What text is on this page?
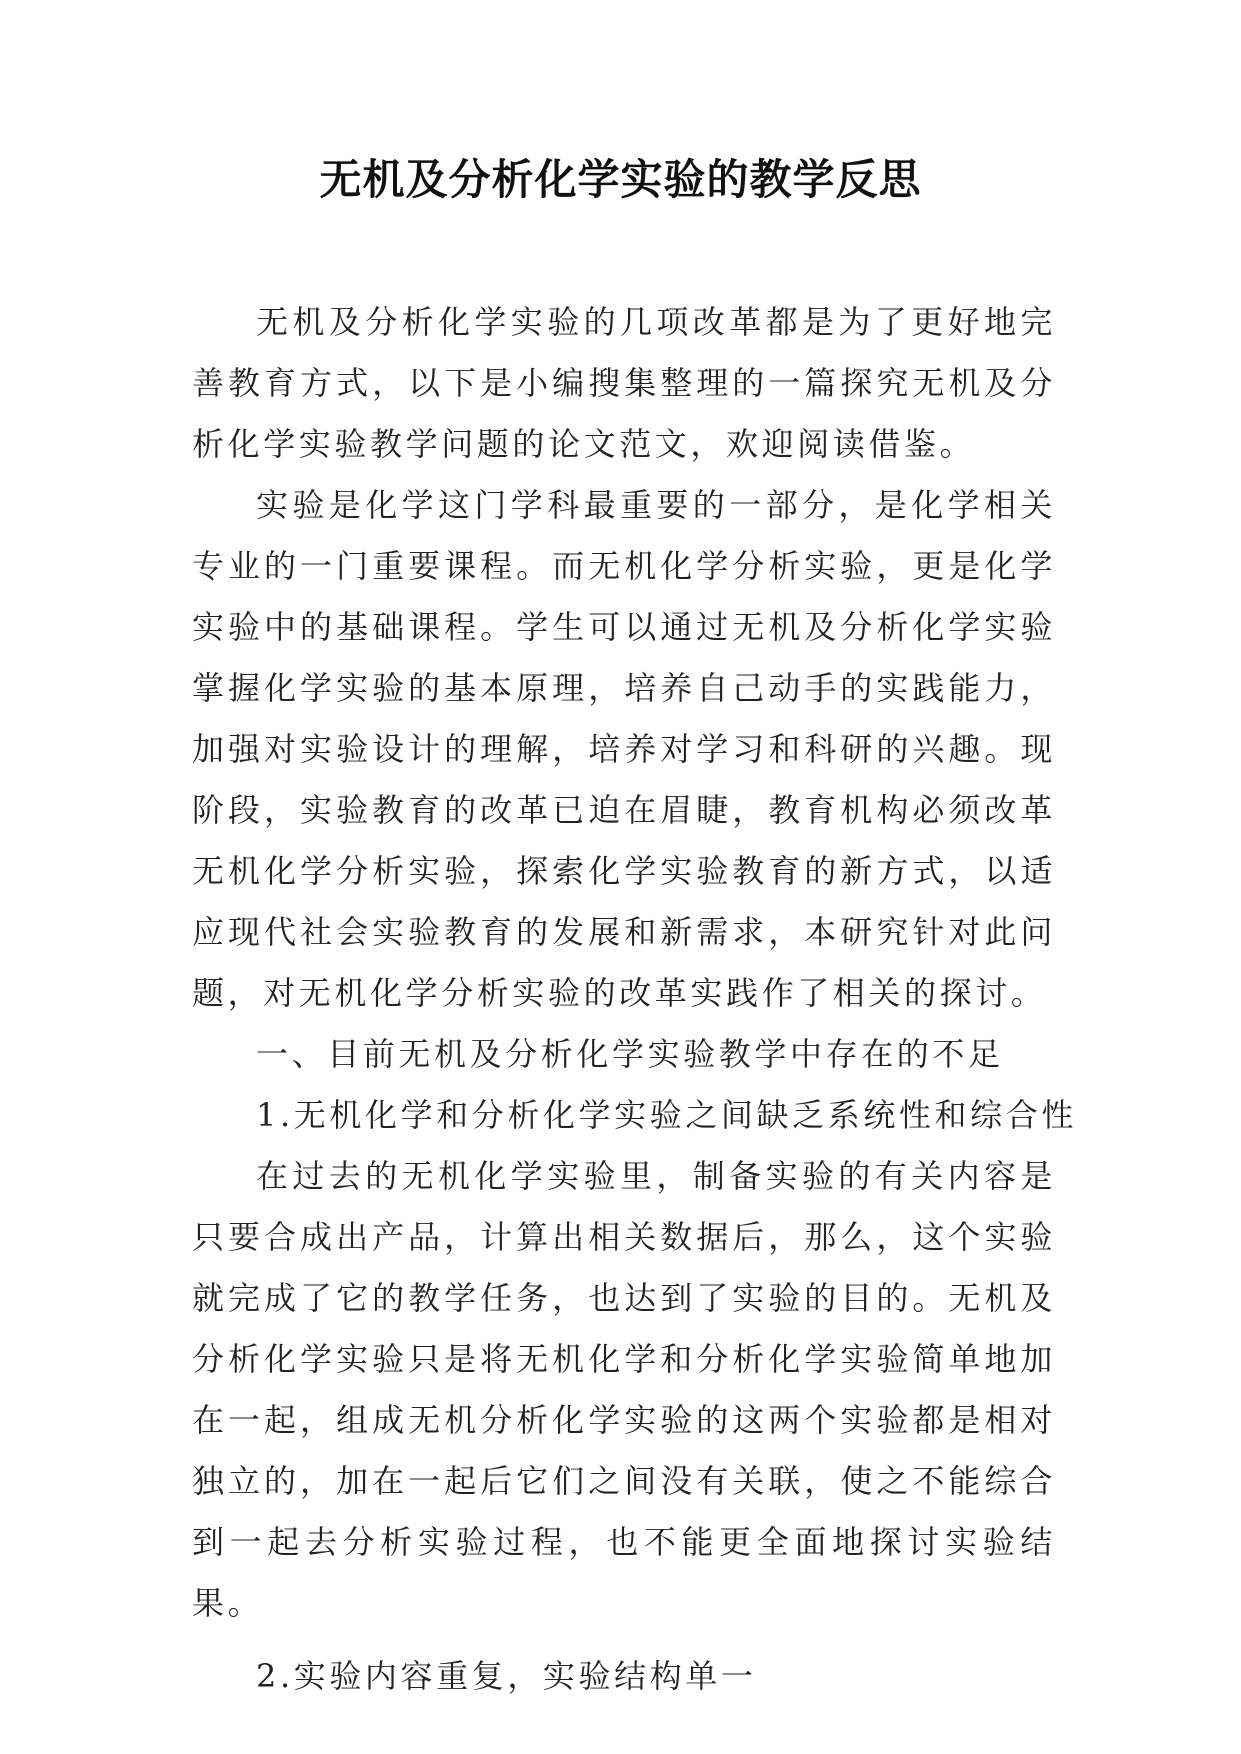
无机及分析化学实验的教学反思

无机及分析化学实验的几项改革都是为了更好地完善教育方式，以下是小编搜集整理的一篇探究无机及分析化学实验教学问题的论文范文，欢迎阅读借鉴。

实验是化学这门学科最重要的一部分，是化学相关专业的一门重要课程。而无机化学分析实验，更是化学实验中的基础课程。学生可以通过无机及分析化学实验掌握化学实验的基本原理，培养自己动手的实践能力，加强对实验设计的理解，培养对学习和科研的兴趣。现阶段，实验教育的改革已迫在眉睫，教育机构必须改革无机化学分析实验，探索化学实验教育的新方式，以适应现代社会实验教育的发展和新需求，本研究针对此问题，对无机化学分析实验的改革实践作了相关的探讨。

一、目前无机及分析化学实验教学中存在的不足

1.无机化学和分析化学实验之间缺乏系统性和综合性

在过去的无机化学实验里，制备实验的有关内容是只要合成出产品，计算出相关数据后，那么，这个实验就完成了它的教学任务，也达到了实验的目的。无机及分析化学实验只是将无机化学和分析化学实验简单地加在一起，组成无机分析化学实验的这两个实验都是相对独立的，加在一起后它们之间没有关联，使之不能综合到一起去分析实验过程，也不能更全面地探讨实验结果。

2.实验内容重复，实验结构单一
